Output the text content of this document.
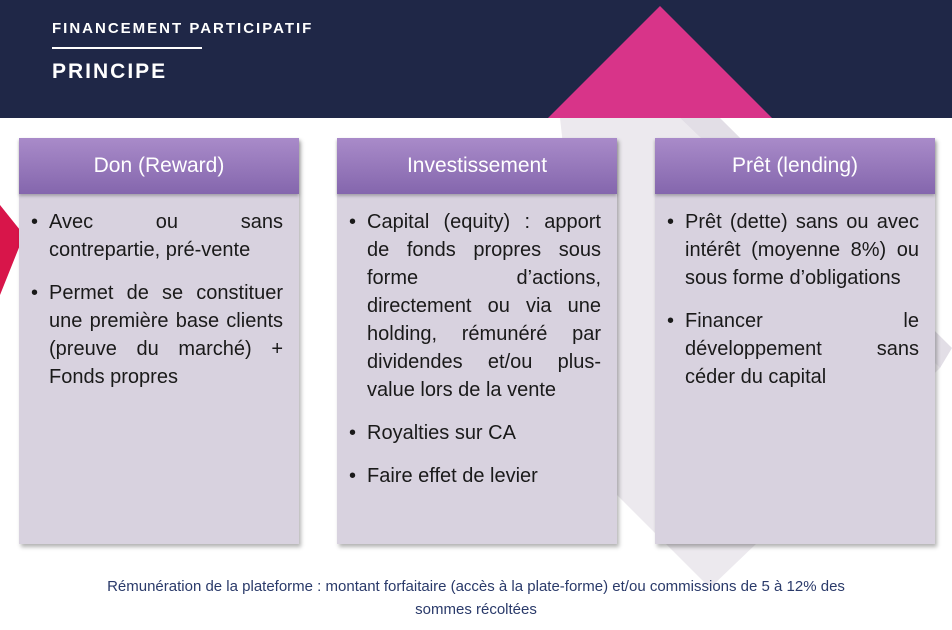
FINANCEMENT PARTICIPATIF
PRINCIPE
Don (Reward)
• Avec ou sans contrepartie, pré-vente
• Permet de se constituer une première base clients (preuve du marché) + Fonds propres
Investissement
• Capital (equity) : apport de fonds propres sous forme d’actions, directement ou via une holding, rémunéré par dividendes et/ou plus-value lors de la vente
• Royalties sur CA
• Faire effet de levier
Prêt (lending)
• Prêt (dette) sans ou avec intérêt (moyenne 8%) ou sous forme d’obligations
• Financer le développement sans céder du capital
Rémunération de la plateforme : montant forfaitaire (accès à la plate-forme) et/ou commissions de 5 à 12% des
sommes récoltées
